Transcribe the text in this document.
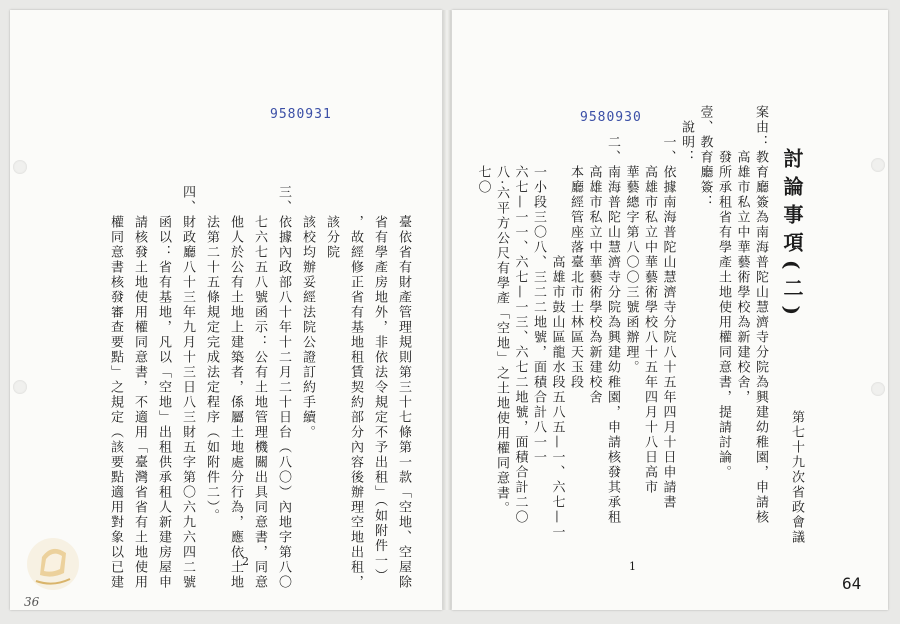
9580931
2
36
　　　　臺依省有財產管理規則第三十七條第一款「空地、空屋除
　　　　省有學產房地外，非依法令規定不予出租」（如附件一）
　　　　，故經修正省有基地租賃契約部分內容後辦理空地出租，
　　　　該分院　　　　　
　　　　該校均辦妥經法院公證訂約手續。
　　三、依據內政部八十年十二月二十日台（八〇）內地字第八〇
　　　　七六七五八號函示：公有土地管理機關出具同意書，同意
　　　　他人於公有土地上建築者，係屬土地處分行為，應依土地
　　　　法第二十五條規定完成法定程序（如附件二）。
　　四、財政廳八十三年九月十三日八三財五字第〇六九六四二號
　　　　函以：省有基地，凡以「空地」出租供承租人新建房屋申
　　　　請核發土地使用權同意書，不適用「臺灣省省有土地使用
　　　　權同意書核發審查要點」之規定（該要點適用對象以已建
9580930
討論事項(二)
第七十九次省政會議
1
64
案由：教育廳簽為南海普陀山慧濟寺分院為興建幼稚園，申請核
　　　高雄市私立中華藝術學校為新建校舍，
　　　發所承租省有學產土地使用權同意書，提請討論。
壹、教育廳簽：
　說明：
　　一、依據南海普陀山慧濟寺分院八十五年四月十日申請書
　　　　高雄市私立中華藝術學校八十五年四月十八日高市
　　　　華藝總字第八〇〇三號函辦理。
　　二、南海普陀山慧濟寺分院為興建幼稚園，申請核發其承租
　　　　高雄市私立中華藝術學校為新建校舍
　　　　本廳經管座落臺北市士林區天玉段
　　　　　　　　　　高雄市鼓山區龍水段五八五—一、六七—一
　　　　一小段三〇八、三二二地號，面積合計八一一
　　　　六七—一一、六七—一三、六七二地號，面積合計二〇
　　　　八·六平方公尺有學產「空地」之土地使用權同意書。
　　　　七〇
